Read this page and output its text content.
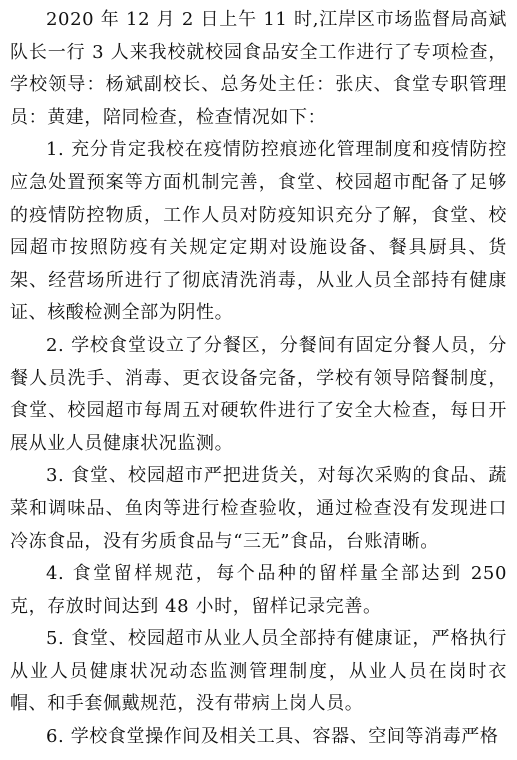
2020 年 12 月 2 日上午 11 时,江岸区市场监督局高斌队长一行 3 人来我校就校园食品安全工作进行了专项检查，学校领导：杨斌副校长、总务处主任：张庆、食堂专职管理员：黄建，陪同检查，检查情况如下：

1. 充分肯定我校在疫情防控痕迹化管理制度和疫情防控应急处置预案等方面机制完善，食堂、校园超市配备了足够的疫情防控物质，工作人员对防疫知识充分了解，食堂、校园超市按照防疫有关规定定期对设施设备、餐具厨具、货架、经营场所进行了彻底清洗消毒，从业人员全部持有健康证、核酸检测全部为阴性。

2. 学校食堂设立了分餐区，分餐间有固定分餐人员，分餐人员洗手、消毒、更衣设备完备，学校有领导陪餐制度，食堂、校园超市每周五对硬软件进行了安全大检查，每日开展从业人员健康状况监测。

3. 食堂、校园超市严把进货关，对每次采购的食品、蔬菜和调味品、鱼肉等进行检查验收，通过检查没有发现进口冷冻食品，没有劣质食品与“三无”食品，台账清晰。

4. 食堂留样规范，每个品种的留样量全部达到 250 克，存放时间达到 48 小时，留样记录完善。

5. 食堂、校园超市从业人员全部持有健康证，严格执行从业人员健康状况动态监测管理制度，从业人员在岗时衣帽、和手套佩戴规范，没有带病上岗人员。

6. 学校食堂操作间及相关工具、容器、空间等消毒严格
